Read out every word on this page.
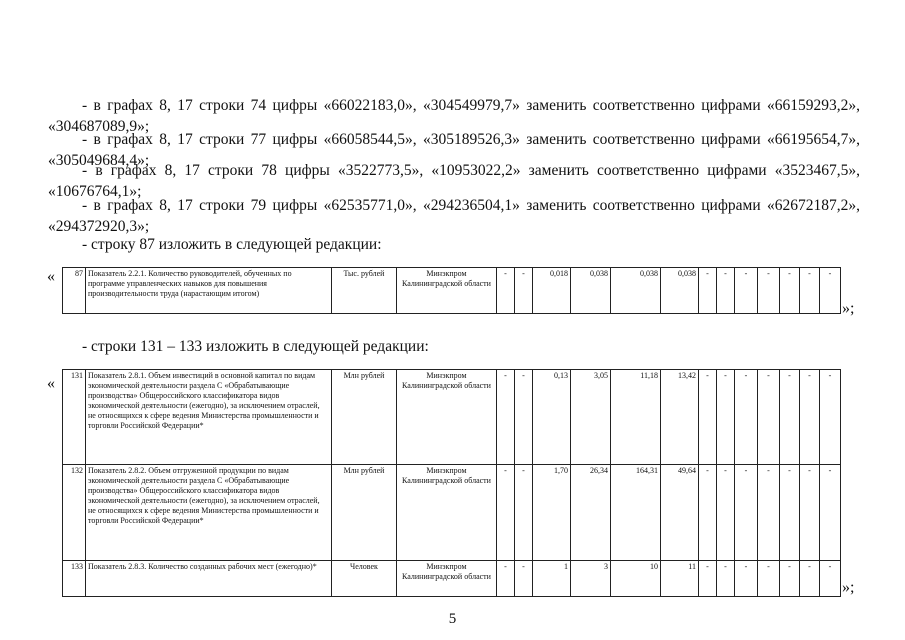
- в графах 8, 17 строки 74 цифры «66022183,0», «304549979,7» заменить соответственно цифрами «66159293,2», «304687089,9»;

- в графах 8, 17 строки 77 цифры «66058544,5», «305189526,3» заменить соответственно цифрами «66195654,7», «305049684,4»;

- в графах 8, 17 строки 78 цифры «3522773,5», «10953022,2» заменить соответственно цифрами «3523467,5», «10676764,1»;

- в графах 8, 17 строки 79 цифры «62535771,0», «294236504,1» заменить соответственно цифрами «62672187,2», «294372920,3»;

- строку 87 изложить в следующей редакции:

«	87	Показатель 2.2.1. Количество руководителей, обученных по программе управленческих навыков для повышения производительности труда (нарастающим итогом)	Тыс. рублей	Минэкпром Калининградской области	-	-	0,018	0,038	0,038	0,038	-	-	-	-	-	-	-
»;

- строки 131 – 133 изложить в следующей редакции:

« 131	Показатель 2.8.1. Объем инвестиций в основной капитал по видам экономической деятельности раздела С «Обрабатывающие производства» Общероссийского классификатора видов экономической деятельности (ежегодно), за исключением отраслей, не относящихся к сфере ведения Министерства промышленности и торговли Российской Федерации*	Млн рублей	Минэкпром Калининградской области	-	-	0,13	3,05	11,18	13,42	-	-	-	-	-	-	-
132	Показатель 2.8.2. Объем отгруженной продукции по видам экономической деятельности раздела С «Обрабатывающие производства» Общероссийского классификатора видов экономической деятельности (ежегодно), за исключением отраслей, не относящихся к сфере ведения Министерства промышленности и торговли Российской Федерации*	Млн рублей	Минэкпром Калининградской области	-	-	1,70	26,34	164,31	49,64	-	-	-	-	-	-	-
133	Показатель 2.8.3. Количество созданных рабочих мест (ежегодно)*	Человек	Минэкпром Калининградской области	-	-	1	3	10	11	-	-	-	-	-	-	-
»;
5
